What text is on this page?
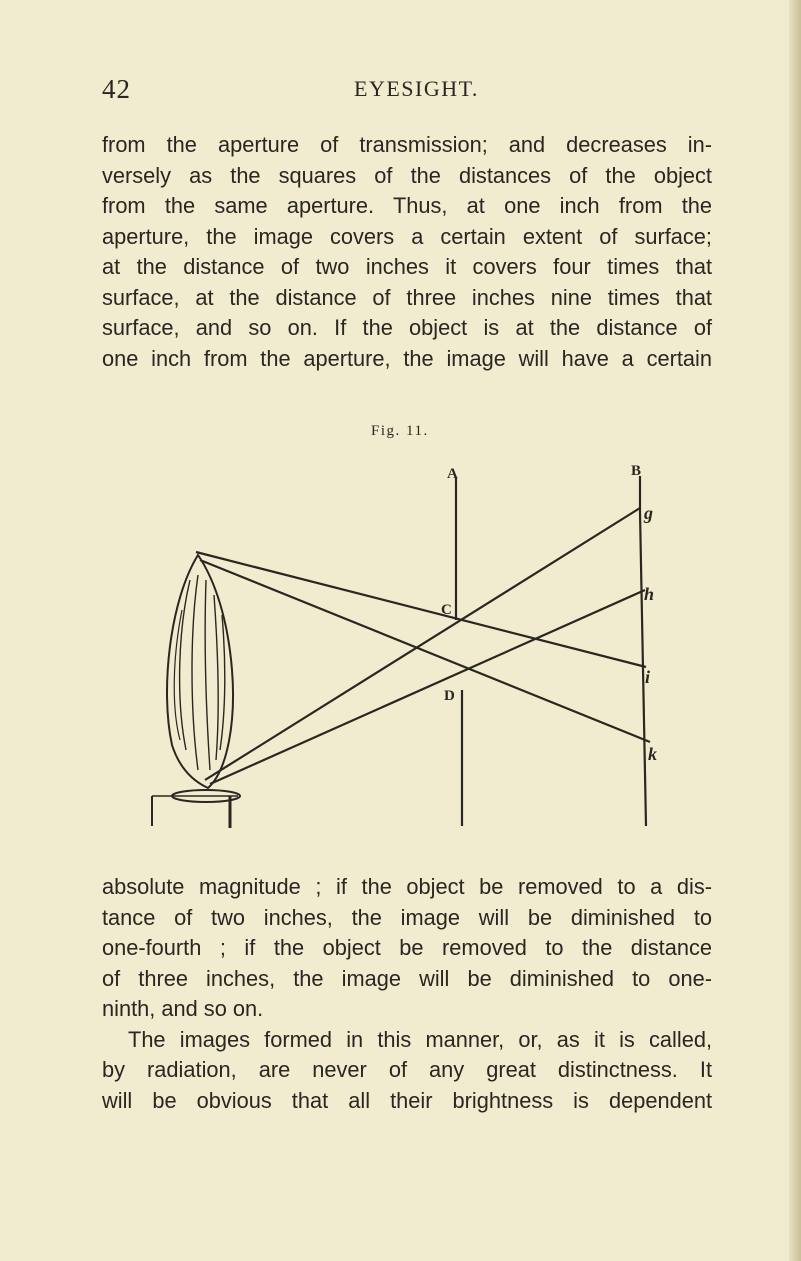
42	EYESIGHT.

from the aperture of transmission; and decreases in-
versely as the squares of the distances of the object
from the same aperture. Thus, at one inch from the
aperture, the image covers a certain extent of surface;
at the distance of two inches it covers four times that
surface, at the distance of three inches nine times that
surface, and so on. If the object is at the distance of
one inch from the aperture, the image will have a certain

Fig. 11.
A	B
C
D
g
h
i
k

absolute magnitude ; if the object be removed to a dis-
tance of two inches, the image will be diminished to
one-fourth ; if the object be removed to the distance
of three inches, the image will be diminished to one-
ninth, and so on.
The images formed in this manner, or, as it is called,
by radiation, are never of any great distinctness. It
will be obvious that all their brightness is dependent
